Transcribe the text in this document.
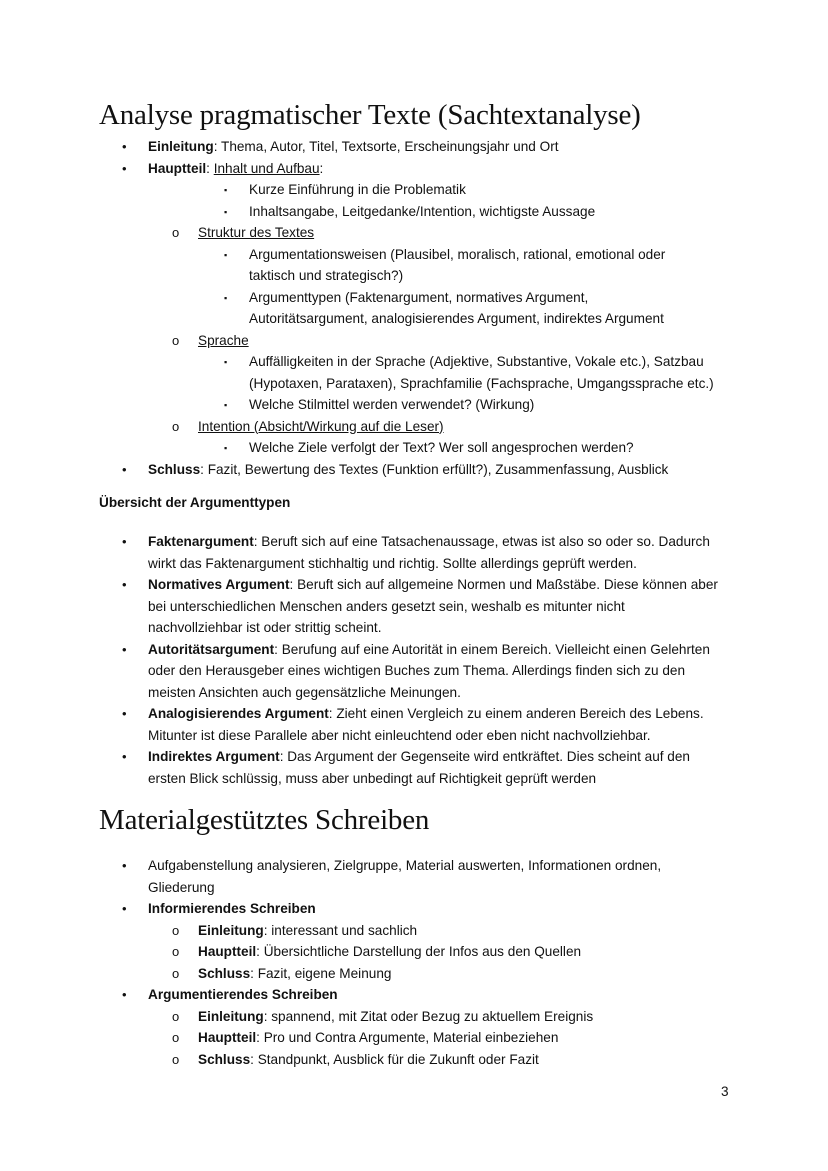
Analyse pragmatischer Texte (Sachtextanalyse)
• Einleitung: Thema, Autor, Titel, Textsorte, Erscheinungsjahr und Ort
• Hauptteil: Inhalt und Aufbau:
▪ Kurze Einführung in die Problematik
▪ Inhaltsangabe, Leitgedanke/Intention, wichtigste Aussage
o Struktur des Textes
▪ Argumentationsweisen (Plausibel, moralisch, rational, emotional oder
taktisch und strategisch?)
▪ Argumenttypen (Faktenargument, normatives Argument,
Autoritätsargument, analogisierendes Argument, indirektes Argument
o Sprache
▪ Auffälligkeiten in der Sprache (Adjektive, Substantive, Vokale etc.), Satzbau
(Hypotaxen, Parataxen), Sprachfamilie (Fachsprache, Umgangssprache etc.)
▪ Welche Stilmittel werden verwendet? (Wirkung)
o Intention (Absicht/Wirkung auf die Leser)
▪ Welche Ziele verfolgt der Text? Wer soll angesprochen werden?
• Schluss: Fazit, Bewertung des Textes (Funktion erfüllt?), Zusammenfassung, Ausblick
Übersicht der Argumenttypen
• Faktenargument: Beruft sich auf eine Tatsachenaussage, etwas ist also so oder so. Dadurch
wirkt das Faktenargument stichhaltig und richtig. Sollte allerdings geprüft werden.
• Normatives Argument: Beruft sich auf allgemeine Normen und Maßstäbe. Diese können aber
bei unterschiedlichen Menschen anders gesetzt sein, weshalb es mitunter nicht
nachvollziehbar ist oder strittig scheint.
• Autoritätsargument: Berufung auf eine Autorität in einem Bereich. Vielleicht einen Gelehrten
oder den Herausgeber eines wichtigen Buches zum Thema. Allerdings finden sich zu den
meisten Ansichten auch gegensätzliche Meinungen.
• Analogisierendes Argument: Zieht einen Vergleich zu einem anderen Bereich des Lebens.
Mitunter ist diese Parallele aber nicht einleuchtend oder eben nicht nachvollziehbar.
• Indirektes Argument: Das Argument der Gegenseite wird entkräftet. Dies scheint auf den
ersten Blick schlüssig, muss aber unbedingt auf Richtigkeit geprüft werden
Materialgestütztes Schreiben
• Aufgabenstellung analysieren, Zielgruppe, Material auswerten, Informationen ordnen,
Gliederung
• Informierendes Schreiben
o Einleitung: interessant und sachlich
o Hauptteil: Übersichtliche Darstellung der Infos aus den Quellen
o Schluss: Fazit, eigene Meinung
• Argumentierendes Schreiben
o Einleitung: spannend, mit Zitat oder Bezug zu aktuellem Ereignis
o Hauptteil: Pro und Contra Argumente, Material einbeziehen
o Schluss: Standpunkt, Ausblick für die Zukunft oder Fazit
3
